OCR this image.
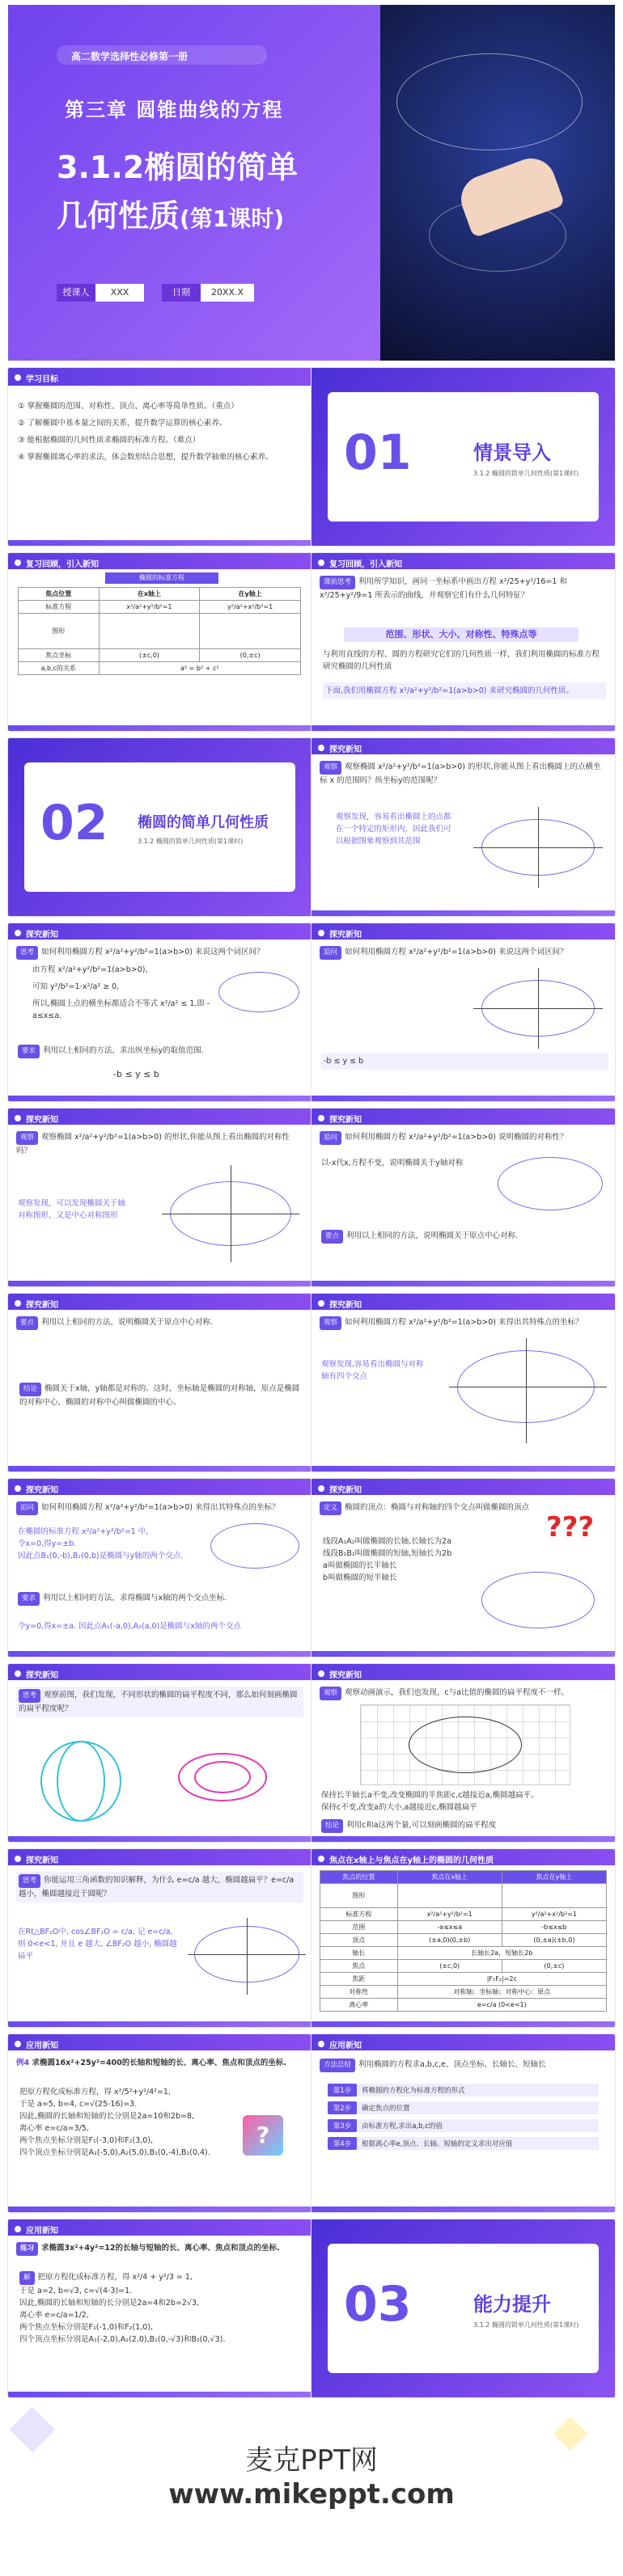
高二数学选择性必修第一册
第三章 圆锥曲线的方程
3.1.2椭圆的简单
几何性质(第1课时)
授课人	XXX	日期	20XX.X
学习目标
① 掌握椭圆的范围、对称性、顶点、离心率等简单性质。（重点）
② 了解椭圆中基本量之间的关系，提升数学运算的核心素养。
③ 能根据椭圆的几何性质求椭圆的标准方程。（难点）
④ 掌握椭圆离心率的求法，体会数形结合思想，提升数学抽象的核心素养。	01	情景导入
3.1.2 椭圆的简单几何性质(第1课时)
复习回顾，引入新知
椭圆的标准方程
焦点位置	在x轴上	在y轴上
标准方程	x²/a²+y²/b²=1	y²/a²+x²/b²=1
图形		
焦点坐标	(±c,0)	(0,±c)
a,b,c的关系	a² = b² + c²	
复习回顾，引入新知
课前思考 利用所学知识，画同一坐标系中画出方程 x²/25+y²/16=1 和 x²/25+y²/9=1 所表示的曲线，并观察它们有什么几何特征？
范围、形状、大小、对称性、特殊点等
与利用直线的方程、圆的方程研究它们的几何性质一样，我们利用椭圆的标准方程研究椭圆的几何性质
下面,我们用椭圆方程 x²/a²+y²/b²=1(a>b>0) 来研究椭圆的几何性质。
02 椭圆的简单几何性质
3.1.2 椭圆的简单几何性质(第1课时)
探究新知
观察 观察椭圆 x²/a²+y²/b²=1(a>b>0) 的形状,你能从图上看出椭圆上的点横坐标 x 的范围吗？纵坐标y的范围呢？
观察发现，容易看出椭圆上的点都在一个特定的矩形内，因此我们可以根据图象观察到其范围
探究新知
思考 如何利用椭圆方程 x²/a²+y²/b²=1(a>b>0) 来说这两个词区间？
由方程 x²/a²+y²/b²=1(a>b>0),
可知 y²/b²=1-x²/a² ≥ 0,
所以,椭圆上点的横坐标都适合不等式 x²/a² ≤ 1,即 -a≤x≤a.
要求 利用以上相同的方法，求出纵坐标y的取值范围.
-b ≤ y ≤ b
探究新知
追问 如何利用椭圆方程 x²/a²+y²/b²=1(a>b>0) 来说这两个词区间？
-b ≤ y ≤ b
探究新知
观察 观察椭圆 x²/a²+y²/b²=1(a>b>0) 的形状,你能从图上看出椭圆的对称性吗？
观察发现，可以发现椭圆关于轴对称图形，又是中心对称图形
探究新知
追问 如何利用椭圆方程 x²/a²+y²/b²=1(a>b>0) 说明椭圆的对称性？
以-x代x,方程不变，说明椭圆关于y轴对称
要点 利用以上相同的方法，说明椭圆关于原点中心对称.
探究新知
要点 利用以上相同的方法，说明椭圆关于原点中心对称.
结论 椭圆关于x轴，y轴都是对称的。这时，坐标轴是椭圆的对称轴，原点是椭圆的对称中心，椭圆的对称中心叫做椭圆的中心。
探究新知
观察 如何利用椭圆方程 x²/a²+y²/b²=1(a>b>0) 来得出其特殊点的坐标？
观察发现,容易看出椭圆与对称轴有四个交点
探究新知
追问 如何利用椭圆方程 x²/a²+y²/b²=1(a>b>0) 来得出其特殊点的坐标？
在椭圆的标准方程 x²/a²+y²/b²=1 中,
令x=0,得y=±b.
因此点B₁(0,-b),B₂(0,b)是椭圆与y轴的两个交点.
要求 利用以上相同的方法，求得椭圆与x轴的两个交点坐标.
令y=0,得x=±a. 因此点A₁(-a,0),A₂(a,0)是椭圆与x轴的两个交点
探究新知
定义 椭圆的顶点：椭圆与对称轴的四个交点叫做椭圆的顶点
线段A₁A₂叫做椭圆的长轴,长轴长为2a
线段B₁B₂叫做椭圆的短轴,短轴长为2b
a叫做椭圆的长半轴长
b叫做椭圆的短半轴长
???
探究新知
思考 观察前图，我们发现，不同形状的椭圆的扁平程度不同，那么如何刻画椭圆的扁平程度呢？
探究新知
观察 观察动画演示，我们也发现，c与a比值的椭圆的扁平程度不一样。
保持长半轴长a不变,改变椭圆的半焦距c,c越接近a,椭圆越扁平。
保持c不变,改变a的大小,a越接近c,椭圆越扁平
结论 利用c和a这两个量,可以刻画椭圆的扁平程度
探究新知
思考 你能运用三角函数的知识解释，为什么 e=c/a 越大，椭圆越扁平？e=c/a 越小，椭圆越接近于圆呢？
在Rt△BF₂O中, cos∠BF₂O = c/a, 记 e=c/a, 则 0<e<1, 并且 e 越大, ∠BF₂O 越小, 椭圆越扁平
焦点在x轴上与焦点在y轴上的椭圆的几何性质
焦点的位置	焦点在x轴上	焦点在y轴上
图形		
标准方程	x²/a²+y²/b²=1	y²/a²+x²/b²=1
范围	-a≤x≤a	-b≤x≤b
顶点	(±a,0)(0,±b)	(0,±a)(±b,0)
轴长	长轴长2a，短轴长2b	
焦点	(±c,0)	(0,±c)
焦距	|F₁F₂|=2c	
对称性	对称轴：坐标轴；对称中心：原点	
离心率	e=c/a (0<e<1)	
应用新知
例4 求椭圆16x²+25y²=400的长轴和短轴的长、离心率、焦点和顶点的坐标.
把原方程化成标准方程，得 x²/5²+y²/4²=1,
于是 a=5, b=4, c=√(25-16)=3.
因此,椭圆的长轴和短轴的长分别是2a=10和2b=8,
离心率 e=c/a=3/5,
两个焦点坐标分别是F₁(-3,0)和F₂(3,0),
四个顶点坐标分别是A₁(-5,0),A₂(5,0),B₁(0,-4),B₂(0,4).
?
应用新知
方法总结 利用椭圆的方程求a,b,c,e、顶点坐标、长轴长、短轴长
第1步	将椭圆的方程化为标准方程的形式
第2步	确定焦点的位置
第3步	由标准方程,求出a,b,c的值
第4步	根据离心率e,顶点、长轴、短轴的定义求出对应值
应用新知
练习 求椭圆3x²+4y²=12的长轴与短轴的长、离心率、焦点和顶点的坐标.
解 把原方程化成标准方程，得 x²/4 + y²/3 = 1,
于是 a=2, b=√3, c=√(4-3)=1.
因此,椭圆的长轴和短轴的长分别是2a=4和2b=2√3,
离心率 e=c/a=1/2,
两个焦点坐标分别是F₁(-1,0)和F₂(1,0),
四个顶点坐标分别是A₁(-2,0),A₂(2,0),B₁(0,-√3)和B₂(0,√3).
03	能力提升
3.1.2 椭圆的简单几何性质(第1课时)
麦克PPT网
www.mikeppt.com
